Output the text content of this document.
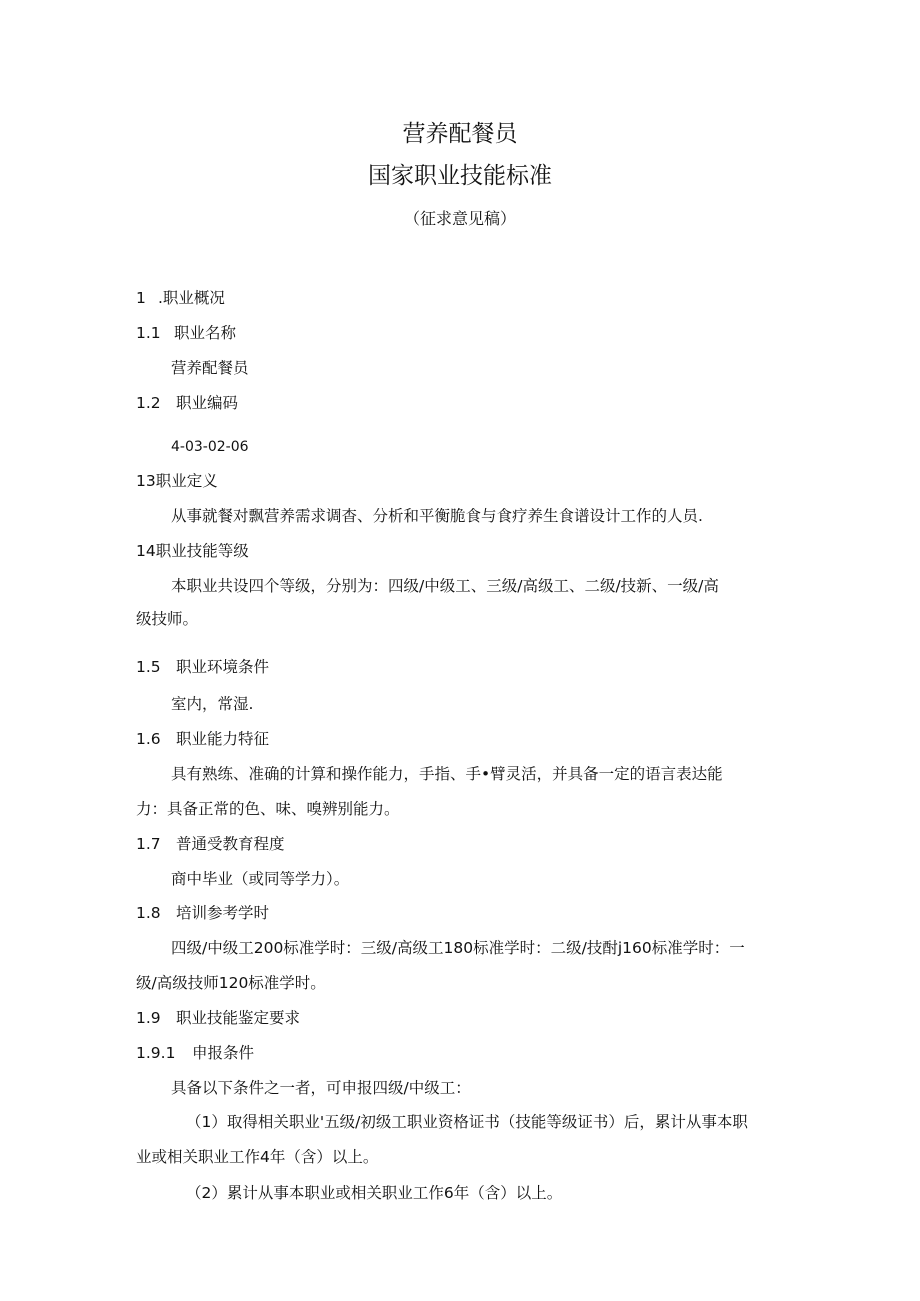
营养配餐员
国家职业技能标准
（征求意见稿）
1 .职业概况
1.1 职业名称
营养配餐员
1.2 职业编码
4-03-02-06
13职业定义
从事就餐对飘营养需求调杳、分析和平衡脆食与食疗养生食谱设计工作的人员.
14职业技能等级
本职业共设四个等级，分别为：四级/中级工、三级/高级工、二级/技新、一级/高
级技师。
1.5 职业环境条件
室内，常湿.
1.6 职业能力特征
具有熟练、准确的计算和操作能力，手指、手•臂灵活，并具备一定的语言表达能
力：具备正常的色、味、嗅辨别能力。
1.7 普通受教育程度
商中毕业（或同等学力）。
1.8 培训参考学时
四级/中级工200标准学时：三级/高级工180标准学时：二级/技酎j160标准学时：一
级/高级技师120标准学时。
1.9 职业技能鉴定要求
1.9.1 申报条件
具备以下条件之一者，可申报四级/中级工：
（1）取得相关职业'五级/初级工职业资格证书（技能等级证书）后，累计从事本职
业或相关职业工作4年（含）以上。
（2）累计从事本职业或相关职业工作6年（含）以上。
